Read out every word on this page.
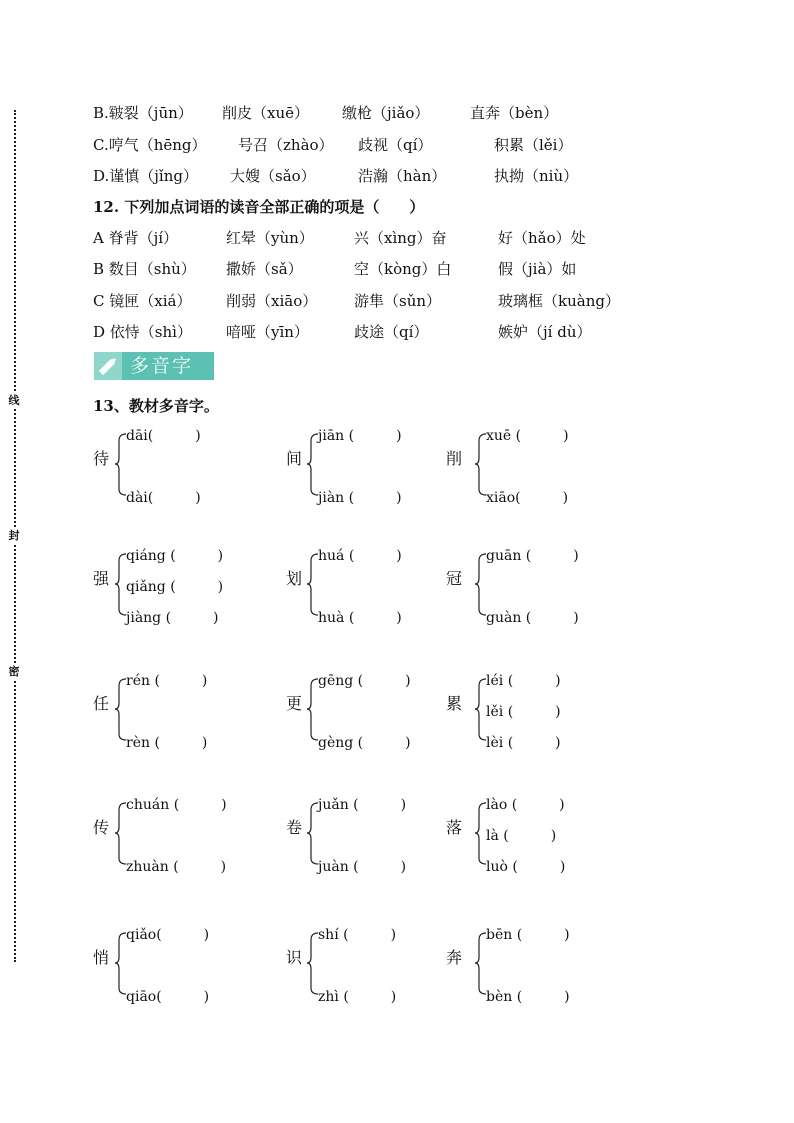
线
封
密
B.皲裂（jūn） 削皮（xuē） 缴枪（jiǎo）	直奔（bèn）
C.哼气（hēng） 号召（zhào） 歧视（qí）	积累（lěi）
D.谨慎（jǐng） 大嫂（sǎo）	浩瀚（hàn）	执拗（niù）
12. 下列加点词语的读音全部正确的项是（　　）
A 脊背（jí）	红晕（yùn）	兴（xìng）奋	好（hǎo）处
B 数目（shù） 撒娇（sǎ）	空（kòng）白	假（jià）如
C 镜匣（xiá） 削弱（xiāo） 游隼（sǔn）	玻璃框（kuàng）
D 依恃（shì） 喑哑（yīn）	歧途（qí）	嫉妒（jí dù）
多音字
13、教材多音字。
待
dāi(　　　)
dài(　　　)
间
jiān (　　　)
jiàn (　　　)
削
xuē (　　　)
xiāo(　　　)
强
qiáng (　　　)
qiǎng (　　　)
jiàng (　　　)
划
huá (　　　)
huà (　　　)
冠
guān (　　　)
guàn (　　　)
任
rén (　　　)
rèn (　　　)
更
gēng (　　　)
gèng (　　　)
累
léi (　　　)
lěi (　　　)
lèi (　　　)
传
chuán (　　　)
zhuàn (　　　)
卷
juǎn (　　　)
juàn (　　　)
落
lào (　　　)
là (　　　)
luò (　　　)
悄
qiǎo(　　　)
qiāo(　　　)
识
shí (　　　)
zhì (　　　)
奔
bēn (　　　)
bèn (　　　)
